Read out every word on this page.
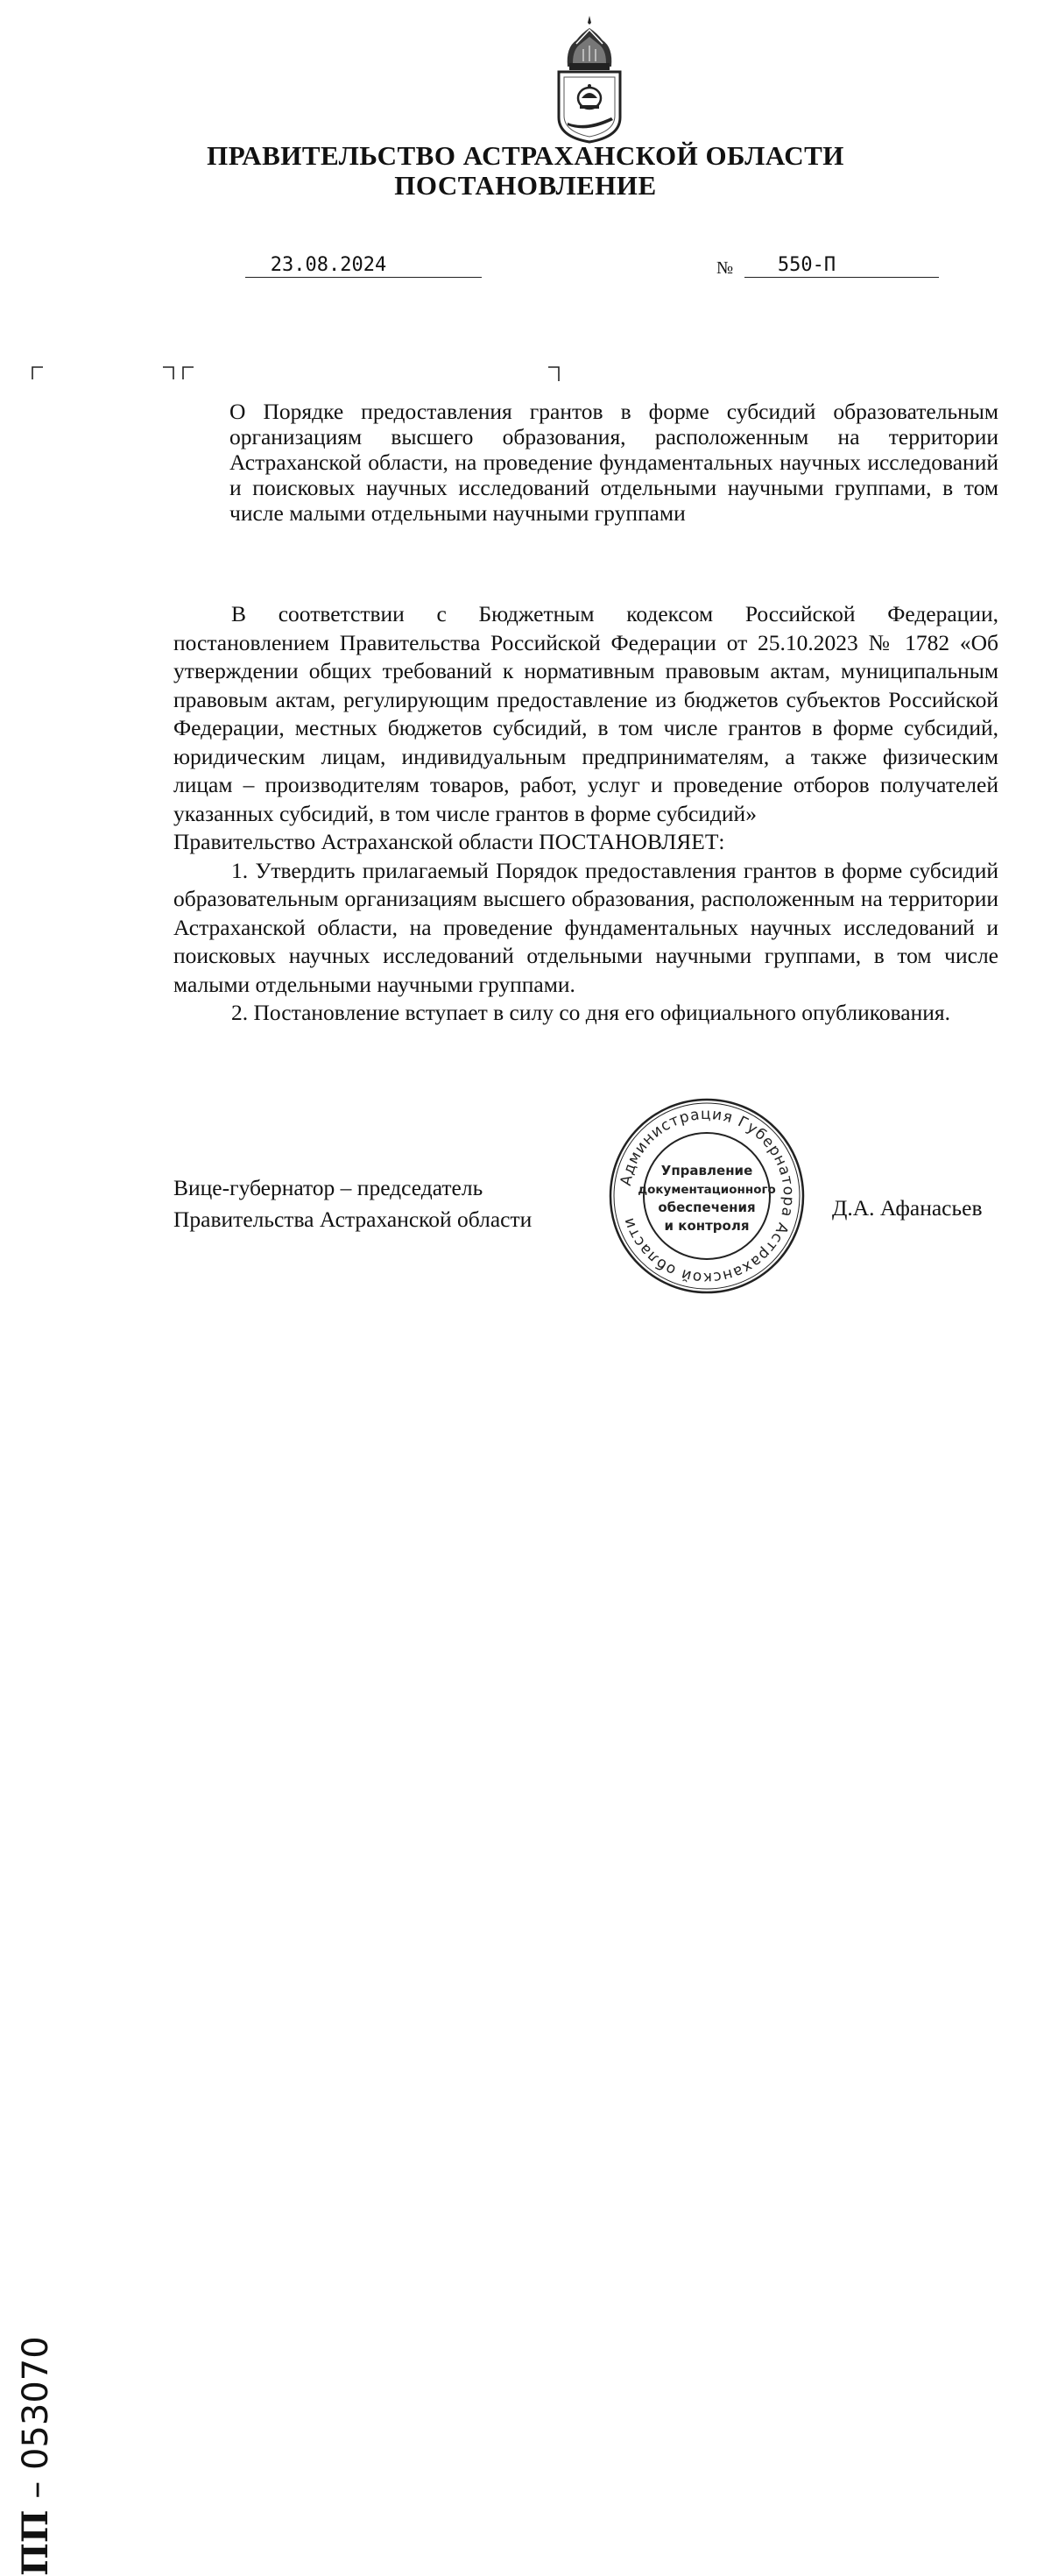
ПРАВИТЕЛЬСТВО АСТРАХАНСКОЙ ОБЛАСТИ
ПОСТАНОВЛЕНИЕ
23.08.2024	№	550-П
О Порядке предоставления грантов в форме субсидий образовательным организациям высшего образования, расположенным на территории Астраханской области, на проведение фундаментальных научных исследований и поисковых научных исследований отдельными научными группами, в том числе малыми отдельными научными группами

В соответствии с Бюджетным кодексом Российской Федерации, постановлением Правительства Российской Федерации от 25.10.2023 № 1782 «Об утверждении общих требований к нормативным правовым актам, муниципальным правовым актам, регулирующим предоставление из бюджетов субъектов Российской Федерации, местных бюджетов субсидий, в том числе грантов в форме субсидий, юридическим лицам, индивидуальным предпринимателям, а также физическим лицам – производителям товаров, работ, услуг и проведение отборов получателей указанных субсидий, в том числе грантов в форме субсидий»

Правительство Астраханской области ПОСТАНОВЛЯЕТ:

1. Утвердить прилагаемый Порядок предоставления грантов в форме субсидий образовательным организациям высшего образования, расположенным на территории Астраханской области, на проведение фундаментальных научных исследований и поисковых научных исследований отдельными научными группами, в том числе малыми отдельными научными группами.

2. Постановление вступает в силу со дня его официального опубликования.

Вице-губернатор – председатель
Правительства Астраханской области	Д.А. Афанасьев
Администрация Губернатора Астраханской области
Управление
документационного
обеспечения
и контроля
ПП – 053070
